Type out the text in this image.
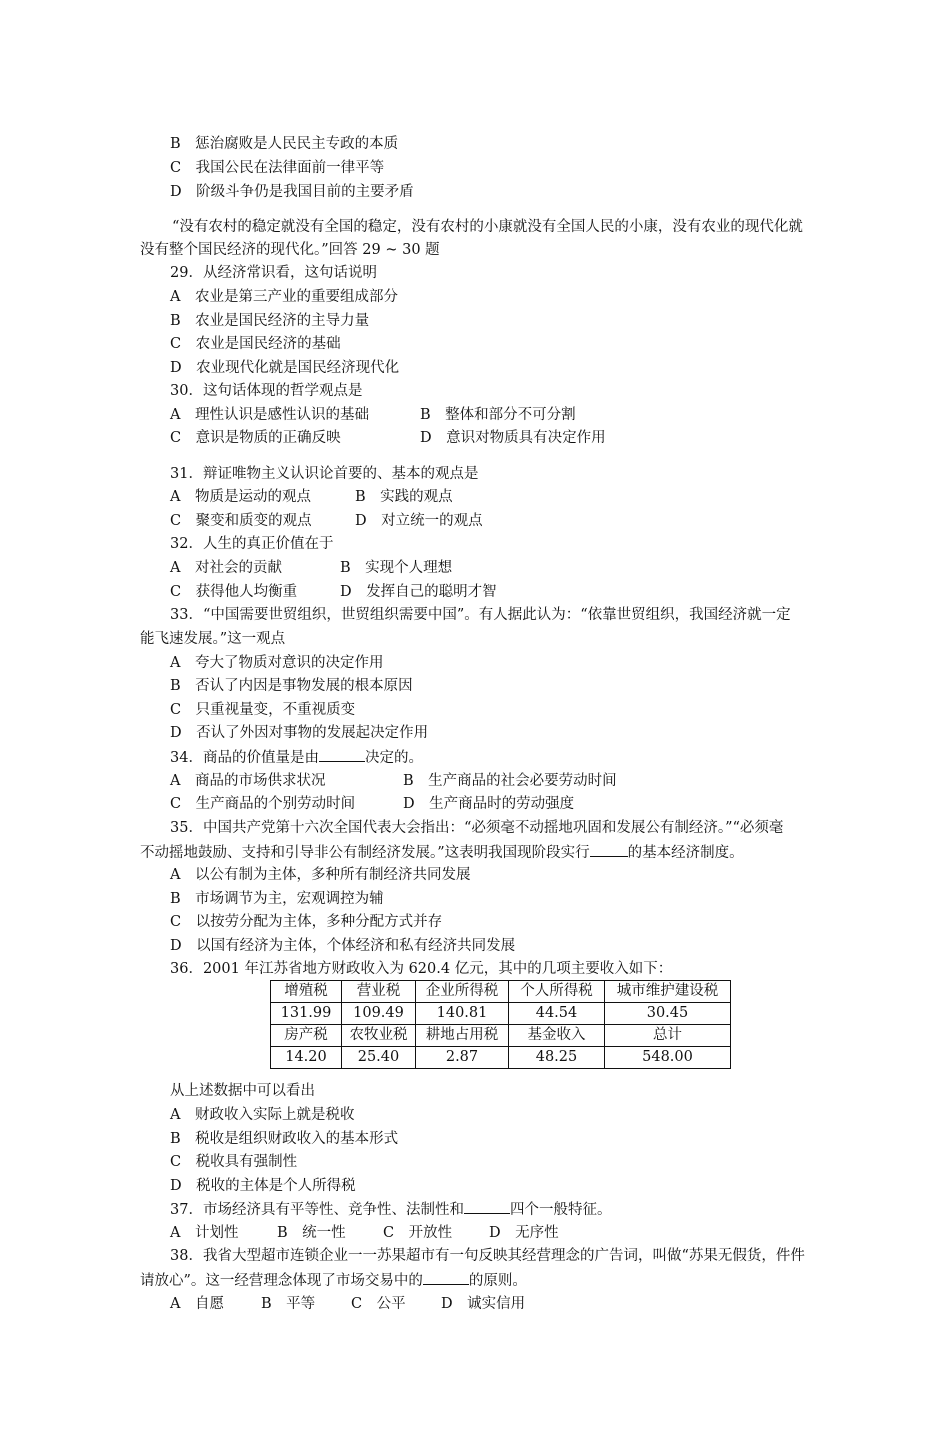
B　惩治腐败是人民民主专政的本质
C　我国公民在法律面前一律平等
D　阶级斗争仍是我国目前的主要矛盾
“没有农村的稳定就没有全国的稳定，没有农村的小康就没有全国人民的小康，没有农业的现代化就
没有整个国民经济的现代化。”回答 29 ~ 30 题
29．从经济常识看，这句话说明
A　农业是第三产业的重要组成部分
B　农业是国民经济的主导力量
C　农业是国民经济的基础
D　农业现代化就是国民经济现代化
30．这句话体现的哲学观点是
A　理性认识是感性认识的基础	B　整体和部分不可分割
C　意识是物质的正确反映	D　意识对物质具有决定作用
31．辩证唯物主义认识论首要的、基本的观点是
A　物质是运动的观点	B　实践的观点
C　聚变和质变的观点	D　对立统一的观点
32．人生的真正价值在于
A　对社会的贡献	B　实现个人理想
C　获得他人均衡重	D　发挥自己的聪明才智
33．“中国需要世贸组织，世贸组织需要中国”。有人据此认为：“依靠世贸组织，我国经济就一定
能飞速发展。”这一观点
A　夸大了物质对意识的决定作用
B　否认了内因是事物发展的根本原因
C　只重视量变，不重视质变
D　否认了外因对事物的发展起决定作用
34．商品的价值量是由	决定的。
A　商品的市场供求状况	B　生产商品的社会必要劳动时间
C　生产商品的个别劳动时间	D　生产商品时的劳动强度
35．中国共产党第十六次全国代表大会指出：“必须毫不动摇地巩固和发展公有制经济。”“必须毫
不动摇地鼓励、支持和引导非公有制经济发展。”这表明我国现阶段实行	的基本经济制度。
A　以公有制为主体，多种所有制经济共同发展
B　市场调节为主，宏观调控为辅
C　以按劳分配为主体，多种分配方式并存
D　以国有经济为主体，个体经济和私有经济共同发展
36．2001 年江苏省地方财政收入为 620.4 亿元，其中的几项主要收入如下：
增殖税	营业税	企业所得税	个人所得税	城市维护建设税
131.99	109.49	140.81	44.54	30.45
房产税	农牧业税	耕地占用税	基金收入	总计
14.20	25.40	2.87	48.25	548.00
从上述数据中可以看出
A　财政收入实际上就是税收
B　税收是组织财政收入的基本形式
C　税收具有强制性
D　税收的主体是个人所得税
37．市场经济具有平等性、竞争性、法制性和	四个一般特征。
A　计划性	B　统一性	C　开放性	D　无序性
38．我省大型超市连锁企业一一苏果超市有一句反映其经营理念的广告词，叫做“苏果无假货，件件
请放心”。这一经营理念体现了市场交易中的	的原则。
A　自愿	B　平等 C　公平 D　诚实信用
